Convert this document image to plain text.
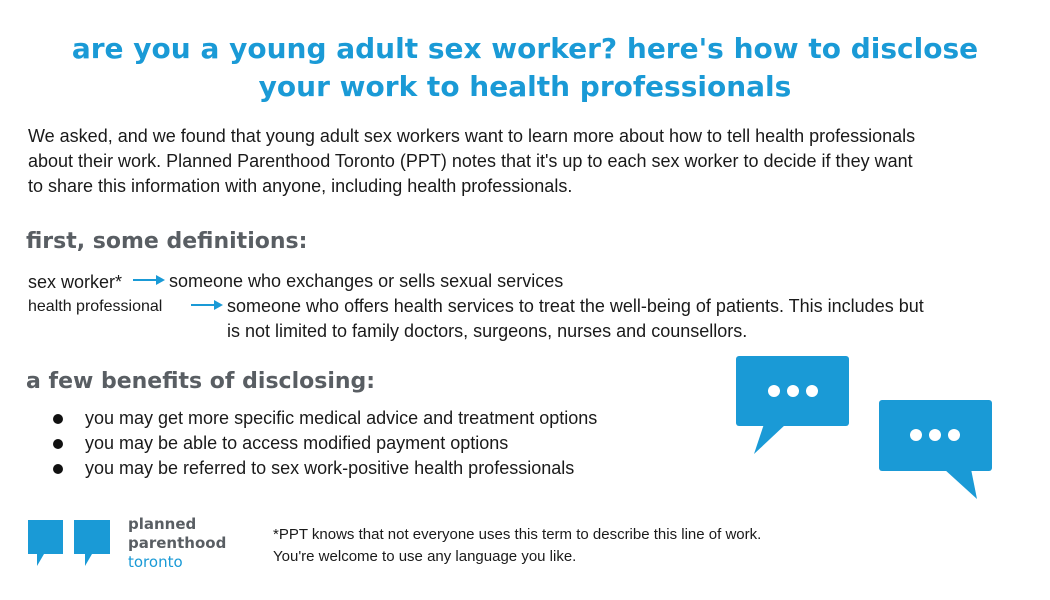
are you a young adult sex worker? here's how to disclose
your work to health professionals
We asked, and we found that young adult sex workers want to learn more about how to tell health professionals
about their work. Planned Parenthood Toronto (PPT) notes that it's up to each sex worker to decide if they want
to share this information with anyone, including health professionals.
first, some definitions:
sex worker*	someone who exchanges or sells sexual services
health professional	someone who offers health services to treat the well-being of patients. This includes but
is not limited to family doctors, surgeons, nurses and counsellors.
a few benefits of disclosing:
you may get more specific medical advice and treatment options
you may be able to access modified payment options
you may be referred to sex work-positive health professionals
planned
parenthood
toronto
*PPT knows that not everyone uses this term to describe this line of work.
You're welcome to use any language you like.
